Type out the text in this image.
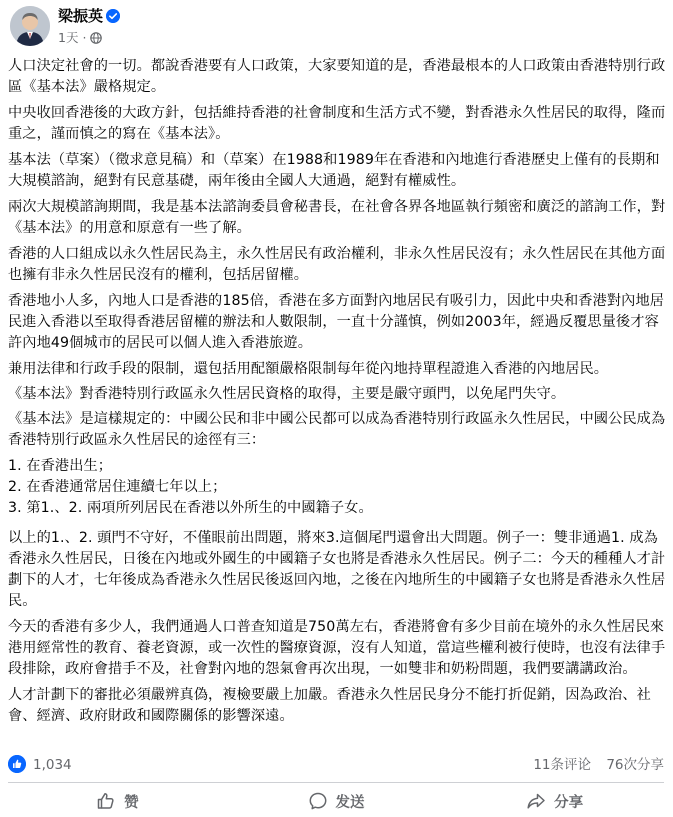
梁振英
1天 ·

人口決定社會的一切。都說香港要有人口政策，大家要知道的是，香港最根本的人口政策由香港特別行政區《基本法》嚴格規定。

中央收回香港後的大政方針，包括維持香港的社會制度和生活方式不變，對香港永久性居民的取得，隆而重之，謹而慎之的寫在《基本法》。

基本法（草案）（徵求意見稿）和（草案）在1988和1989年在香港和內地進行香港歷史上僅有的長期和大規模諮詢，絕對有民意基礎，兩年後由全國人大通過，絕對有權威性。

兩次大規模諮詢期間，我是基本法諮詢委員會秘書長，在社會各界各地區執行頻密和廣泛的諮詢工作，對《基本法》的用意和原意有一些了解。

香港的人口組成以永久性居民為主，永久性居民有政治權利，非永久性居民沒有；永久性居民在其他方面也擁有非永久性居民沒有的權利，包括居留權。

香港地小人多，內地人口是香港的185倍，香港在多方面對內地居民有吸引力，因此中央和香港對內地居民進入香港以至取得香港居留權的辦法和人數限制，一直十分謹慎，例如2003年，經過反覆思量後才容許內地49個城市的居民可以個人進入香港旅遊。

兼用法律和行政手段的限制，還包括用配額嚴格限制每年從內地持單程證進入香港的內地居民。

《基本法》對香港特別行政區永久性居民資格的取得，主要是嚴守頭門，以免尾門失守。

《基本法》是這樣規定的：中國公民和非中國公民都可以成為香港特別行政區永久性居民，中國公民成為香港特別行政區永久性居民的途徑有三：

1. 在香港出生；
2. 在香港通常居住連續七年以上；
3. 第1.、2. 兩項所列居民在香港以外所生的中國籍子女。

以上的1.、2. 頭門不守好，不僅眼前出問題，將來3.這個尾門還會出大問題。例子一：雙非通過1. 成為香港永久性居民，日後在內地或外國生的中國籍子女也將是香港永久性居民。例子二：今天的種種人才計劃下的人才，七年後成為香港永久性居民後返回內地，之後在內地所生的中國籍子女也將是香港永久性居民。

今天的香港有多少人，我們通過人口普查知道是750萬左右，香港將會有多少目前在境外的永久性居民來港用經常性的教育、養老資源，或一次性的醫療資源，沒有人知道，當這些權利被行使時，也沒有法律手段排除，政府會措手不及，社會對內地的怨氣會再次出現，一如雙非和奶粉問題，我們要講講政治。

人才計劃下的審批必須嚴辨真偽，複檢要嚴上加嚴。香港永久性居民身分不能打折促銷，因為政治、社會、經濟、政府財政和國際關係的影響深遠。

1,034	11条评论 76次分享
赞	发送	分享
